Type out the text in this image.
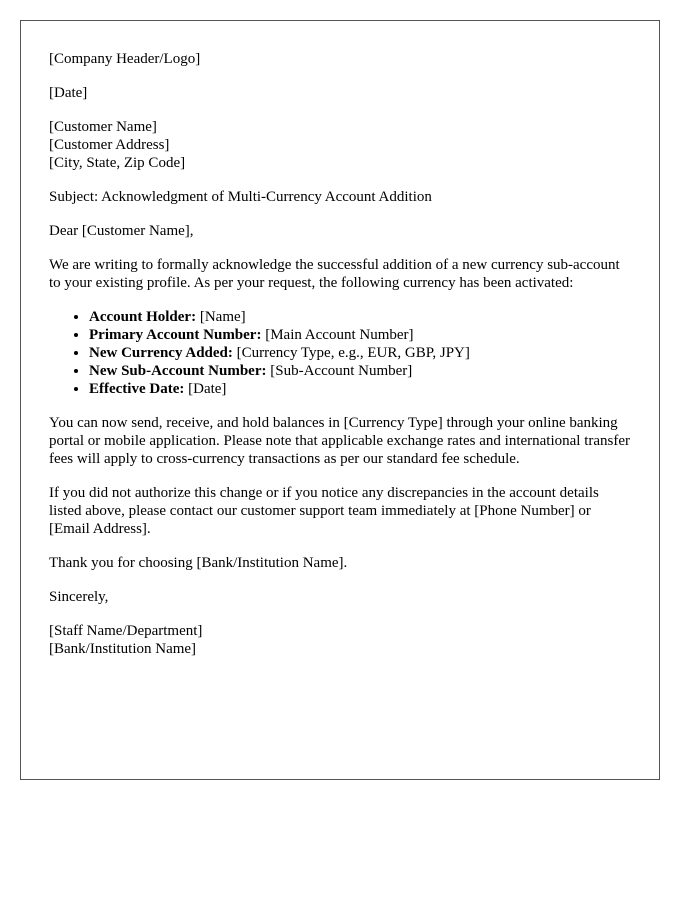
[Company Header/Logo]

[Date]

[Customer Name]
[Customer Address]
[City, State, Zip Code]

Subject: Acknowledgment of Multi-Currency Account Addition

Dear [Customer Name],

We are writing to formally acknowledge the successful addition of a new currency sub-account to your existing profile. As per your request, the following currency has been activated:

• Account Holder: [Name]
• Primary Account Number: [Main Account Number]
• New Currency Added: [Currency Type, e.g., EUR, GBP, JPY]
• New Sub-Account Number: [Sub-Account Number]
• Effective Date: [Date]

You can now send, receive, and hold balances in [Currency Type] through your online banking portal or mobile application. Please note that applicable exchange rates and international transfer fees will apply to cross-currency transactions as per our standard fee schedule.

If you did not authorize this change or if you notice any discrepancies in the account details listed above, please contact our customer support team immediately at [Phone Number] or [Email Address].

Thank you for choosing [Bank/Institution Name].

Sincerely,

[Staff Name/Department]
[Bank/Institution Name]
